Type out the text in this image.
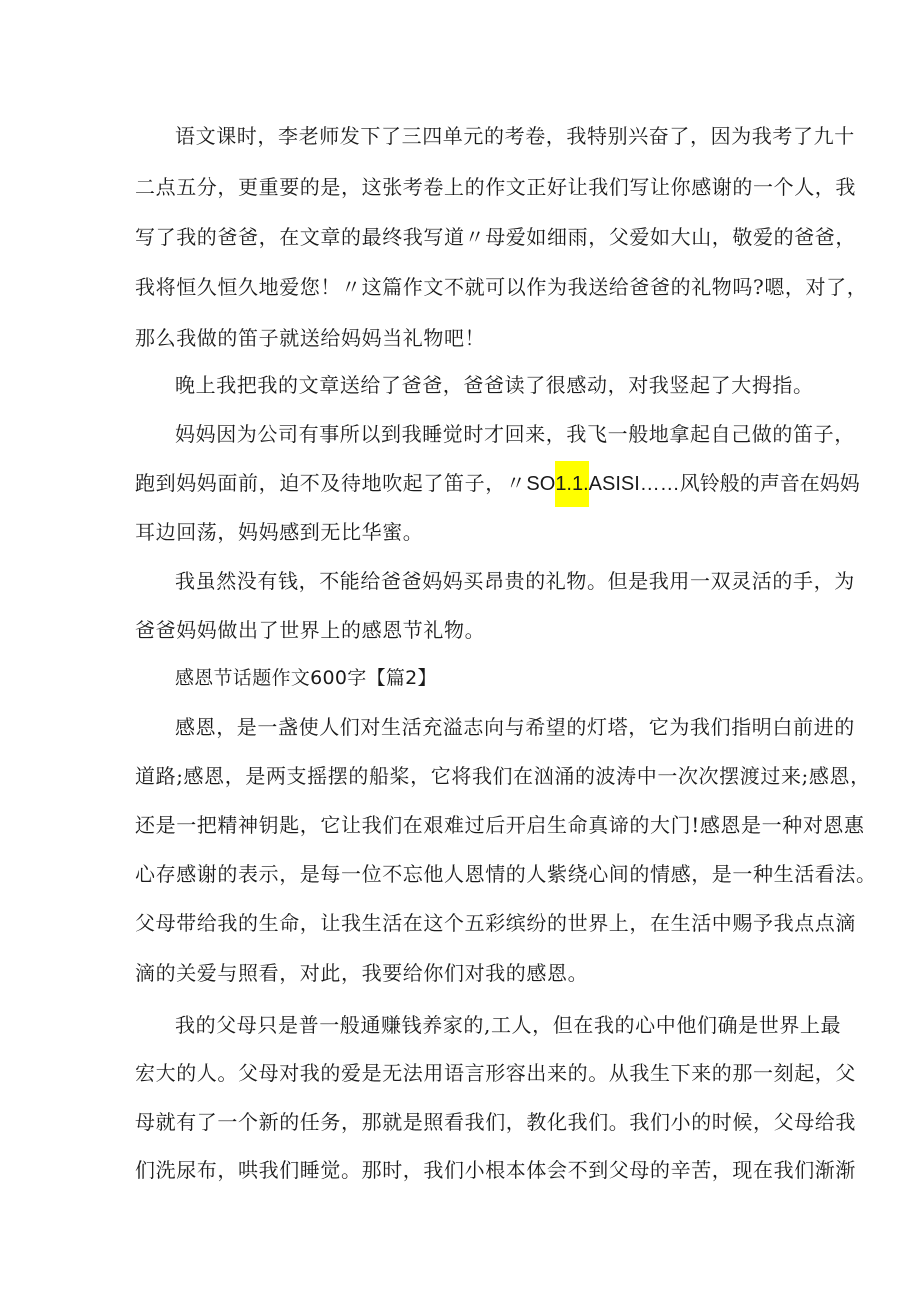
语文课时，李老师发下了三四单元的考卷，我特别兴奋了，因为我考了九十
二点五分，更重要的是，这张考卷上的作文正好让我们写让你感谢的一个人，我
写了我的爸爸，在文章的最终我写道〃母爱如细雨，父爱如大山，敬爱的爸爸，
我将恒久恒久地爱您！〃这篇作文不就可以作为我送给爸爸的礼物吗?嗯，对了，
那么我做的笛子就送给妈妈当礼物吧！
晚上我把我的文章送给了爸爸，爸爸读了很感动，对我竖起了大拇指。
妈妈因为公司有事所以到我睡觉时才回来，我飞一般地拿起自己做的笛子，
跑到妈妈面前，迫不及待地吹起了笛子，〃SO1.1.ASISI……风铃般的声音在妈妈
耳边回荡，妈妈感到无比华蜜。
我虽然没有钱，不能给爸爸妈妈买昂贵的礼物。但是我用一双灵活的手，为
爸爸妈妈做出了世界上的感恩节礼物。
感恩节话题作文600字【篇2】
感恩，是一盏使人们对生活充溢志向与希望的灯塔，它为我们指明白前进的
道路;感恩，是两支摇摆的船桨，它将我们在汹涌的波涛中一次次摆渡过来;感恩，
还是一把精神钥匙，它让我们在艰难过后开启生命真谛的大门!感恩是一种对恩惠
心存感谢的表示，是每一位不忘他人恩情的人紫绕心间的情感，是一种生活看法。
父母带给我的生命，让我生活在这个五彩缤纷的世界上，在生活中赐予我点点滴
滴的关爱与照看，对此，我要给你们对我的感恩。
我的父母只是普一般通赚钱养家的,工人，但在我的心中他们确是世界上最
宏大的人。父母对我的爱是无法用语言形容出来的。从我生下来的那一刻起，父
母就有了一个新的任务，那就是照看我们，教化我们。我们小的时候，父母给我
们洗尿布，哄我们睡觉。那时，我们小根本体会不到父母的辛苦，现在我们渐渐
